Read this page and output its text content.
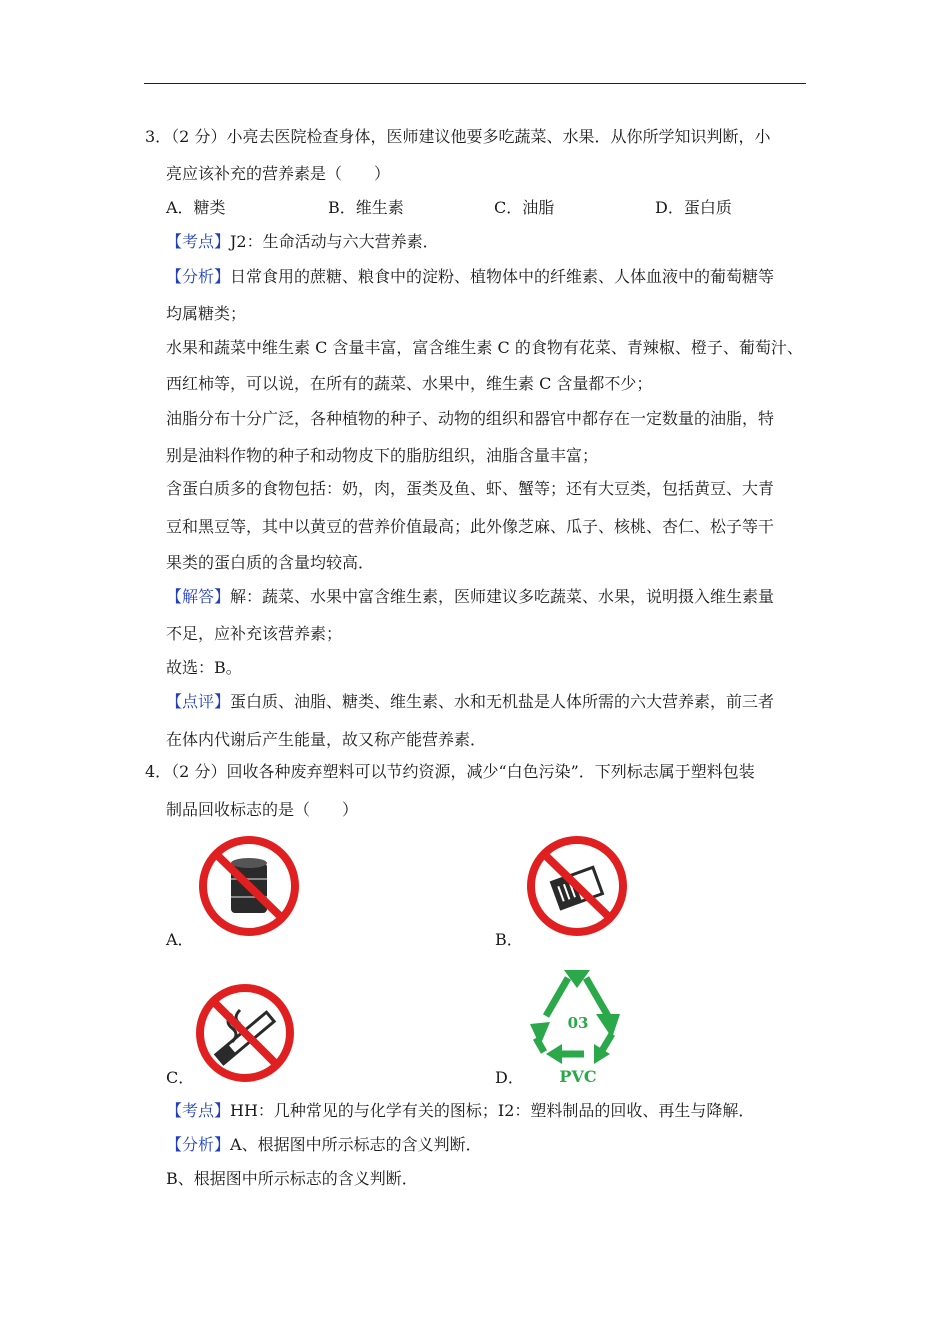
3．（2 分）小亮去医院检查身体，医师建议他要多吃蔬菜、水果．从你所学知识判断，小
亮应该补充的营养素是（　　）
A．糖类	B．维生素	C．油脂	D．蛋白质
【考点】J2：生命活动与六大营养素．
【分析】日常食用的蔗糖、粮食中的淀粉、植物体中的纤维素、人体血液中的葡萄糖等
均属糖类；
水果和蔬菜中维生素 C 含量丰富，富含维生素 C 的食物有花菜、青辣椒、橙子、葡萄汁、
西红柿等，可以说，在所有的蔬菜、水果中，维生素 C 含量都不少；
油脂分布十分广泛，各种植物的种子、动物的组织和器官中都存在一定数量的油脂，特
别是油料作物的种子和动物皮下的脂肪组织，油脂含量丰富；
含蛋白质多的食物包括：奶，肉，蛋类及鱼、虾、蟹等；还有大豆类，包括黄豆、大青
豆和黑豆等，其中以黄豆的营养价值最高；此外像芝麻、瓜子、核桃、杏仁、松子等干
果类的蛋白质的含量均较高．
【解答】解：蔬菜、水果中富含维生素，医师建议多吃蔬菜、水果，说明摄入维生素量
不足，应补充该营养素；
故选：B。
【点评】蛋白质、油脂、糖类、维生素、水和无机盐是人体所需的六大营养素，前三者
在体内代谢后产生能量，故又称产能营养素．
4．（2 分）回收各种废弃塑料可以节约资源，减少“白色污染”．下列标志属于塑料包装
制品回收标志的是（　　）
A．	B．
C．
03
PVC
D．
【考点】HH：几种常见的与化学有关的图标；I2：塑料制品的回收、再生与降解．
【分析】A、根据图中所示标志的含义判断．
B、根据图中所示标志的含义判断．
